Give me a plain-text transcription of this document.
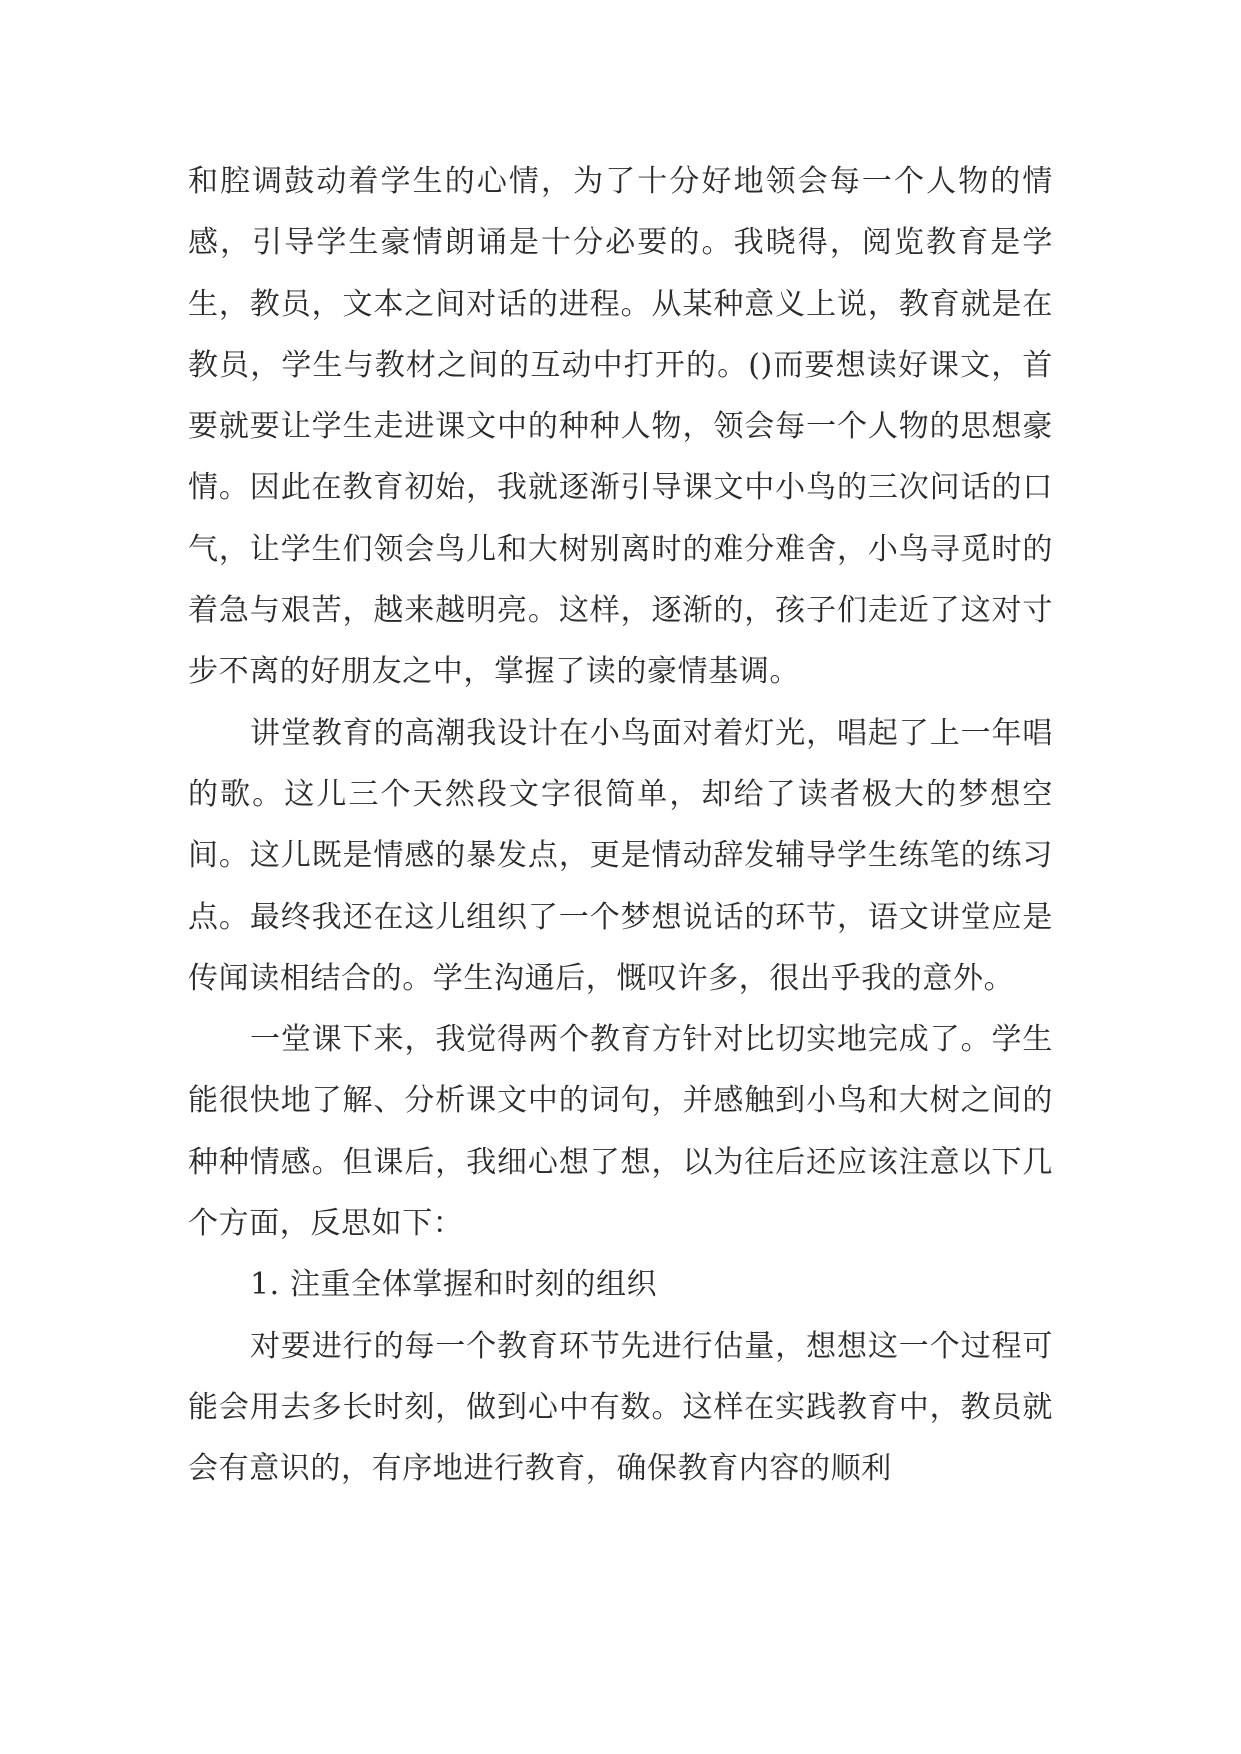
和腔调鼓动着学生的心情，为了十分好地领会每一个人物的情感，引导学生豪情朗诵是十分必要的。我晓得，阅览教育是学生，教员，文本之间对话的进程。从某种意义上说，教育就是在教员，学生与教材之间的互动中打开的。()而要想读好课文，首要就要让学生走进课文中的种种人物，领会每一个人物的思想豪情。因此在教育初始，我就逐渐引导课文中小鸟的三次问话的口气，让学生们领会鸟儿和大树别离时的难分难舍，小鸟寻觅时的着急与艰苦，越来越明亮。这样，逐渐的，孩子们走近了这对寸步不离的好朋友之中，掌握了读的豪情基调。

讲堂教育的高潮我设计在小鸟面对着灯光，唱起了上一年唱的歌。这儿三个天然段文字很简单，却给了读者极大的梦想空间。这儿既是情感的暴发点，更是情动辞发辅导学生练笔的练习点。最终我还在这儿组织了一个梦想说话的环节，语文讲堂应是传闻读相结合的。学生沟通后，慨叹许多，很出乎我的意外。

一堂课下来，我觉得两个教育方针对比切实地完成了。学生能很快地了解、分析课文中的词句，并感触到小鸟和大树之间的种种情感。但课后，我细心想了想，以为往后还应该注意以下几个方面，反思如下：

1. 注重全体掌握和时刻的组织

对要进行的每一个教育环节先进行估量，想想这一个过程可能会用去多长时刻，做到心中有数。这样在实践教育中，教员就会有意识的，有序地进行教育，确保教育内容的顺利
